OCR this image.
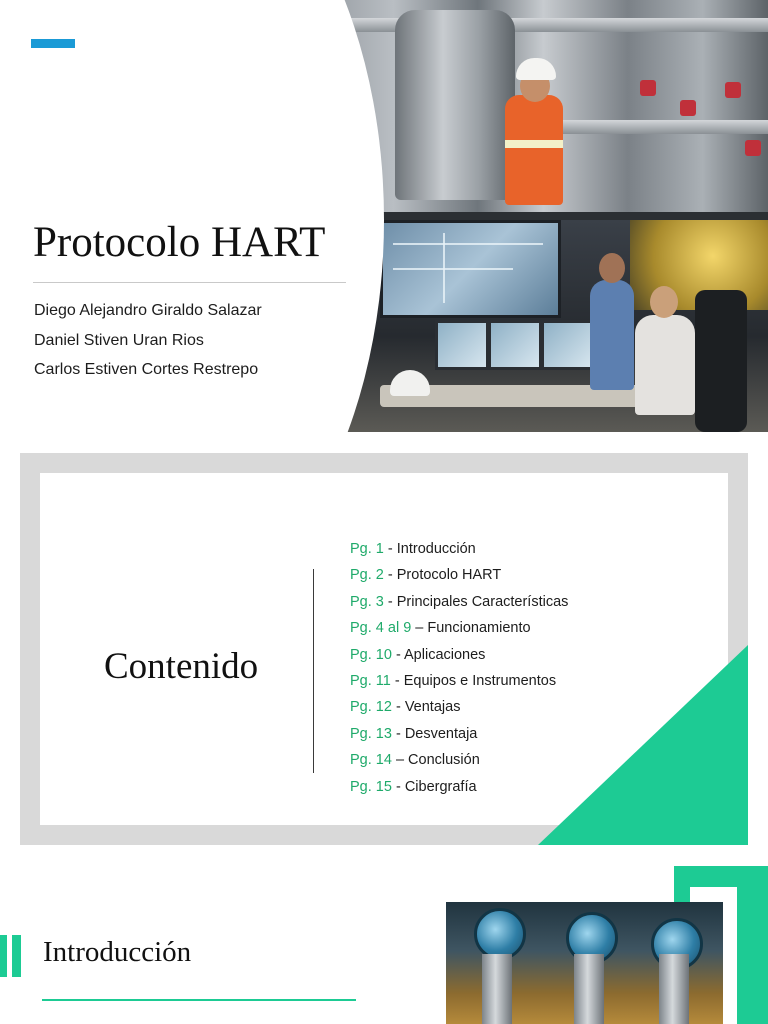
Protocolo HART
Diego Alejandro Giraldo Salazar
Daniel Stiven Uran Rios
Carlos Estiven Cortes Restrepo
Contenido
Pg. 1 - Introducción
Pg. 2 - Protocolo HART
Pg. 3 - Principales Características
Pg. 4 al 9 – Funcionamiento
Pg. 10 - Aplicaciones
Pg. 11 - Equipos e Instrumentos
Pg. 12 - Ventajas
Pg. 13 - Desventaja
Pg. 14 – Conclusión
Pg. 15 - Cibergrafía
Introducción
